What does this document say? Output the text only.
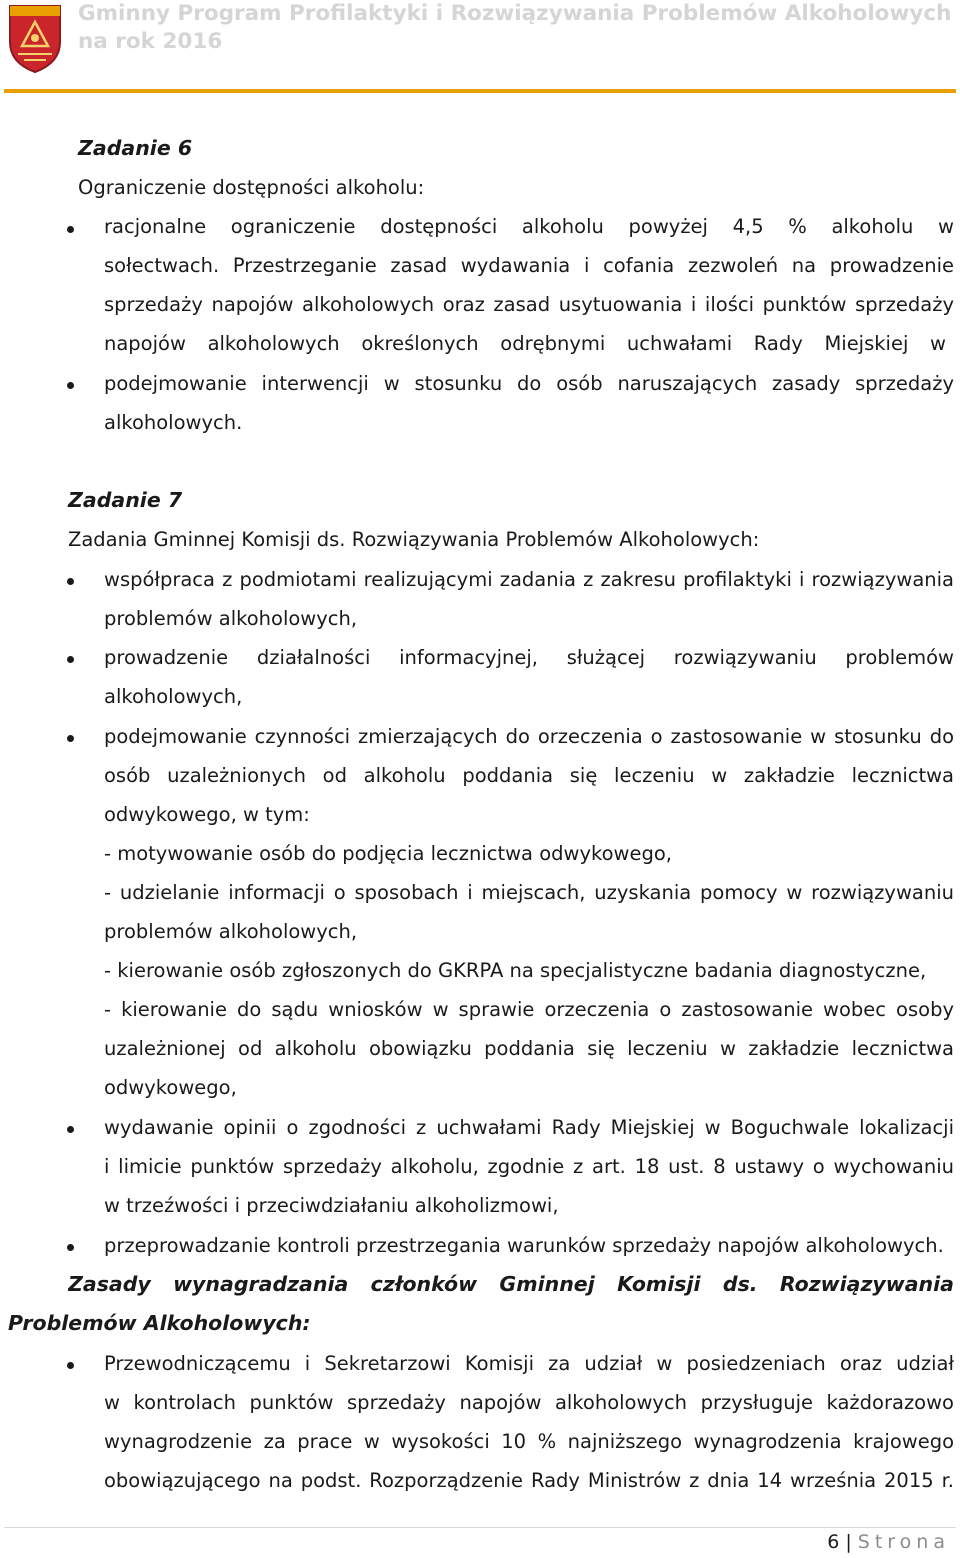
Gminny Program Profilaktyki i Rozwiązywania Problemów Alkoholowych
na rok 2016
Zadanie 6
Ograniczenie dostępności alkoholu:
racjonalne ograniczenie dostępności alkoholu powyżej 4,5 % alkoholu w
sołectwach. Przestrzeganie zasad wydawania i cofania zezwoleń na prowadzenie
sprzedaży napojów alkoholowych oraz zasad usytuowania i ilości punktów sprzedaży
napojów alkoholowych określonych odrębnymi uchwałami Rady Miejskiej w
podejmowanie interwencji w stosunku do osób naruszających zasady sprzedaży
alkoholowych.
Zadanie 7
Zadania Gminnej Komisji ds. Rozwiązywania Problemów Alkoholowych:
współpraca z podmiotami realizującymi zadania z zakresu profilaktyki i rozwiązywania
problemów alkoholowych,
prowadzenie działalności informacyjnej, służącej rozwiązywaniu problemów
alkoholowych,
podejmowanie czynności zmierzających do orzeczenia o zastosowanie w stosunku do
osób uzależnionych od alkoholu poddania się leczeniu w zakładzie lecznictwa
odwykowego, w tym:
- motywowanie osób do podjęcia lecznictwa odwykowego,
- udzielanie informacji o sposobach i miejscach, uzyskania pomocy w rozwiązywaniu
problemów alkoholowych,
- kierowanie osób zgłoszonych do GKRPA na specjalistyczne badania diagnostyczne,
- kierowanie do sądu wniosków w sprawie orzeczenia o zastosowanie wobec osoby
uzależnionej od alkoholu obowiązku poddania się leczeniu w zakładzie lecznictwa
odwykowego,
wydawanie opinii o zgodności z uchwałami Rady Miejskiej w Boguchwale lokalizacji
i limicie punktów sprzedaży alkoholu, zgodnie z art. 18 ust. 8 ustawy o wychowaniu
w trzeźwości i przeciwdziałaniu alkoholizmowi,
przeprowadzanie kontroli przestrzegania warunków sprzedaży napojów alkoholowych.
Zasady wynagradzania członków Gminnej Komisji ds. Rozwiązywania
Problemów Alkoholowych:
Przewodniczącemu i Sekretarzowi Komisji za udział w posiedzeniach oraz udział
w kontrolach punktów sprzedaży napojów alkoholowych przysługuje każdorazowo
wynagrodzenie za prace w wysokości 10 % najniższego wynagrodzenia krajowego
obowiązującego na podst. Rozporządzenie Rady Ministrów z dnia 14 września 2015 r.
6 | Strona
